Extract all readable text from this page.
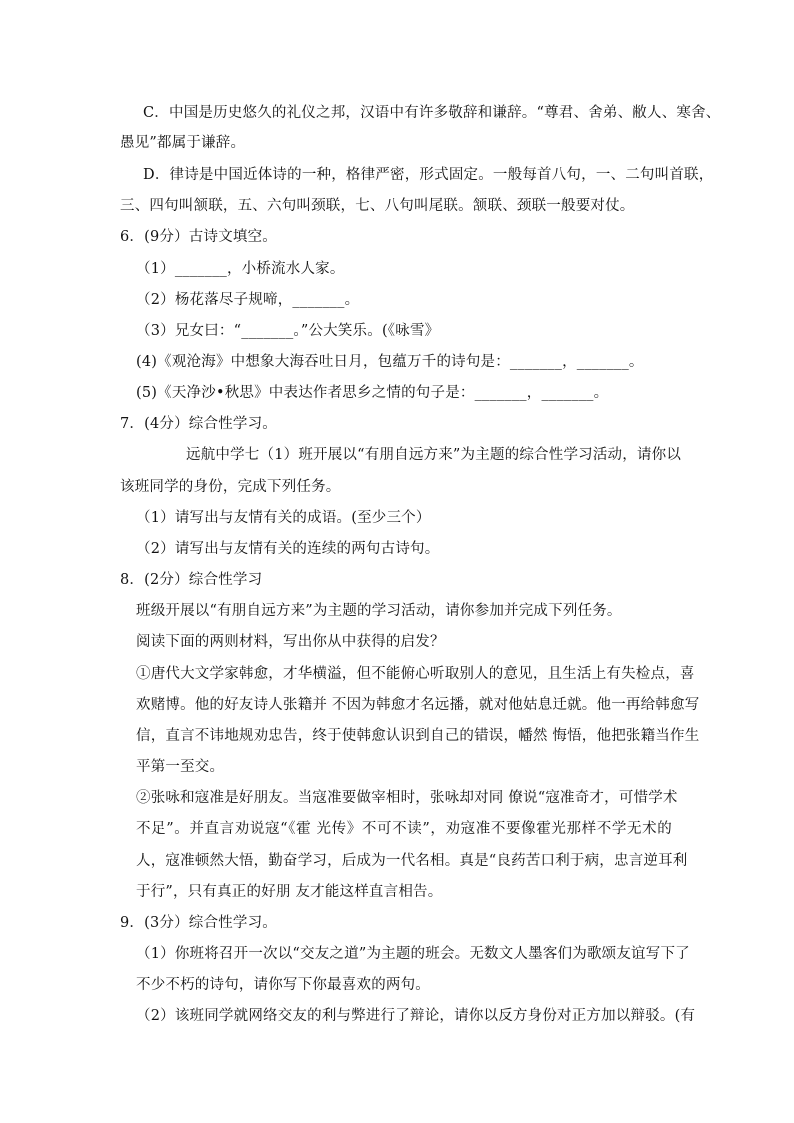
C．中国是历史悠久的礼仪之邦，汉语中有许多敬辞和谦辞。“尊君、舍弟、敝人、寒舍、
愚见”都属于谦辞。
D．律诗是中国近体诗的一种，格律严密，形式固定。一般每首八句，一、二句叫首联，
三、四句叫颔联，五、六句叫颈联，七、八句叫尾联。颔联、颈联一般要对仗。
6．(9分）古诗文填空。
（1）_______，小桥流水人家。
（2）杨花落尽子规啼，_______。
（3）兄女曰：“_______。”公大笑乐。(《咏雪》
(4)《观沧海》中想象大海吞吐日月，包蕴万千的诗句是：_______，_______。
(5)《天净沙•秋思》中表达作者思乡之情的句子是：_______，_______。
7．(4分）综合性学习。
远航中学七（1）班开展以“有朋自远方来”为主题的综合性学习活动，请你以
该班同学的身份，完成下列任务。
（1）请写出与友情有关的成语。(至少三个）
（2）请写出与友情有关的连续的两句古诗句。
8．(2分）综合性学习
班级开展以“有朋自远方来”为主题的学习活动，请你参加并完成下列任务。
阅读下面的两则材料，写出你从中获得的启发？
①唐代大文学家韩愈，才华横溢，但不能俯心听取别人的意见，且生活上有失检点，喜
欢赌博。他的好友诗人张籍并 不因为韩愈才名远播，就对他姑息迁就。他一再给韩愈写
信，直言不讳地规劝忠告，终于使韩愈认识到自己的错误，幡然 悔悟，他把张籍当作生
平第一至交。
②张咏和寇准是好朋友。当寇准要做宰相时，张咏却对同 僚说“寇准奇才，可惜学术
不足”。并直言劝说寇“《霍 光传》不可不读”，劝寇准不要像霍光那样不学无术的
人，寇准顿然大悟，勤奋学习，后成为一代名相。真是“良药苦口利于病，忠言逆耳利
于行”，只有真正的好朋 友才能这样直言相告。
9．(3分）综合性学习。
（1）你班将召开一次以“交友之道”为主题的班会。无数文人墨客们为歌颂友谊写下了
不少不朽的诗句，请你写下你最喜欢的两句。
（2）该班同学就网络交友的利与弊进行了辩论，请你以反方身份对正方加以辩驳。(有
